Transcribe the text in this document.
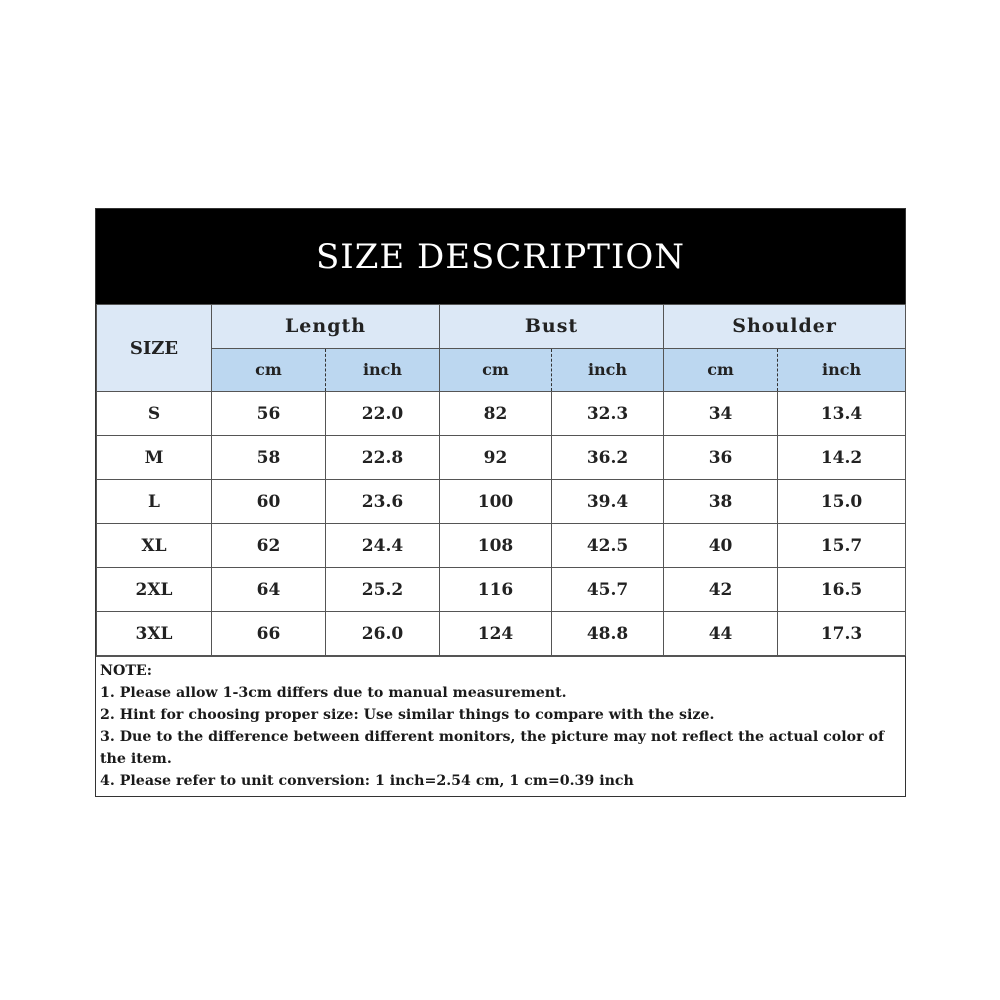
SIZE DESCRIPTION
SIZE	Length		Bust		Shoulder	
	cm	inch	cm	inch	cm	inch
S	56	22.0	82	32.3	34	13.4
M	58	22.8	92	36.2	36	14.2
L	60	23.6	100	39.4	38	15.0
XL	62	24.4	108	42.5	40	15.7
2XL	64	25.2	116	45.7	42	16.5
3XL	66	26.0	124	48.8	44	17.3
NOTE:
1. Please allow 1-3cm differs due to manual measurement.
2. Hint for choosing proper size: Use similar things to compare with the size.
3. Due to the difference between different monitors, the picture may not reflect the actual color of the item.
4. Please refer to unit conversion: 1 inch=2.54 cm, 1 cm=0.39 inch
